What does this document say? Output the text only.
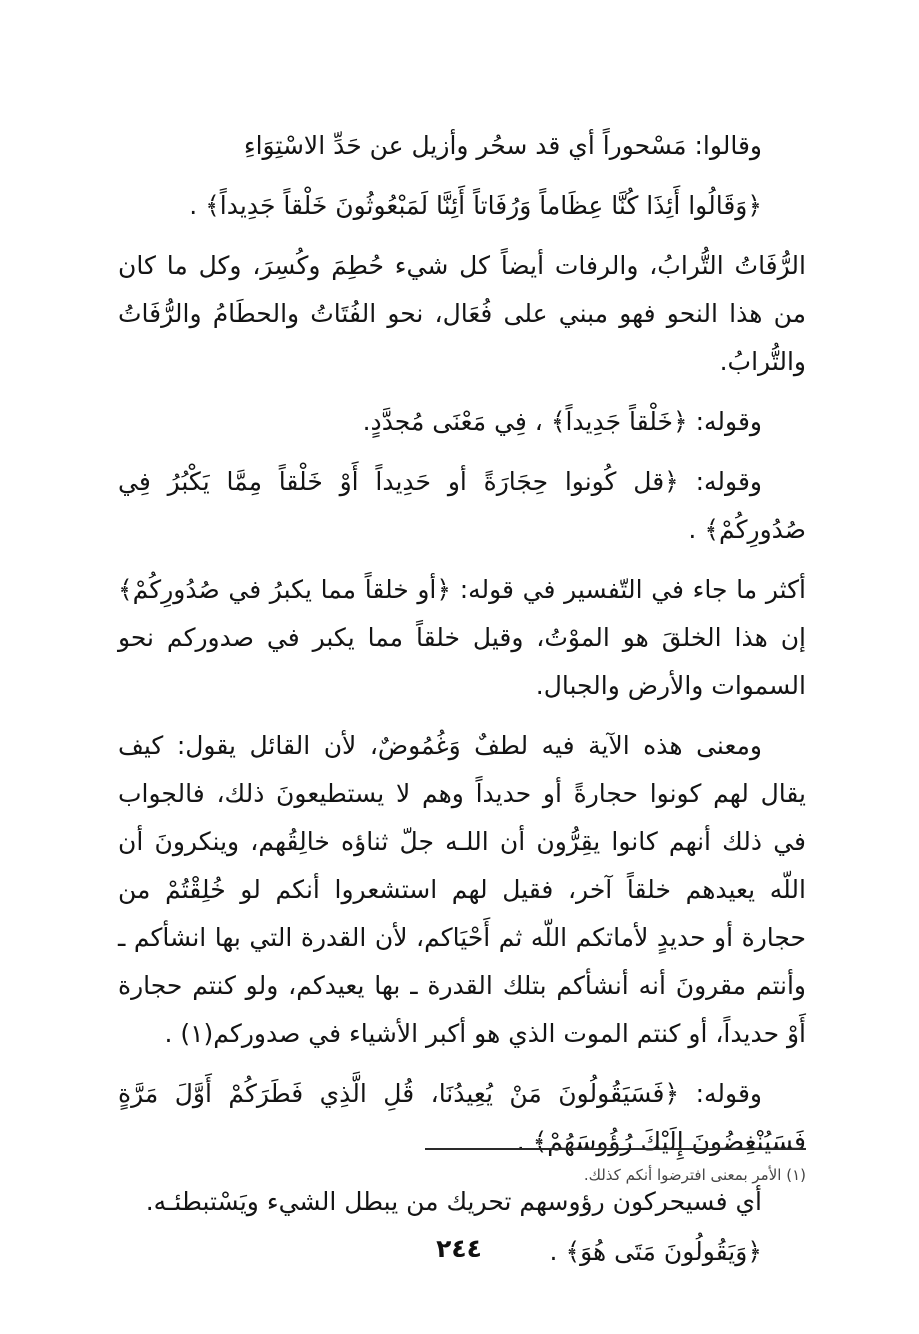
وقالوا: مَسْحوراً أي قد سحُر وأزيل عن حَدِّ الاسْتِوَاءِ

﴿وَقَالُوا أَئِذَا كُنَّا عِظَاماً وَرُفَاتاً أَئِنَّا لَمَبْعُوثُونَ خَلْقاً جَدِيداً﴾ .

الرُّفَاتُ التُّرابُ، والرفات أيضاً كل شيء حُطِمَ وكُسِرَ، وكل ما كان من هذا النحو فهو مبني على فُعَال، نحو الفُتَاتُ والحطَامُ والرُّفَاتُ والتُّرابُ.

وقوله: ﴿خَلْقاً جَدِيداً﴾ ، فِي مَعْنَى مُجدَّدٍ.

وقوله: ﴿قل كُونوا حِجَارَةً أو حَدِيداً أَوْ خَلْقاً مِمَّا يَكْبُرُ فِي صُدُورِكُمْ﴾ .

أكثر ما جاء في التّفسير في قوله: ﴿أو خلقاً مما يكبرُ في صُدُورِكُمْ﴾ إن هذا الخلقَ هو الموْتُ، وقيل خلقاً مما يكبر في صدوركم نحو السموات والأرض والجبال.

ومعنى هذه الآية فيه لطفٌ وَغُمُوضٌ، لأن القائل يقول: كيف يقال لهم كونوا حجارةً أو حديداً وهم لا يستطيعونَ ذلك، فالجواب في ذلك أنهم كانوا يقِرُّون أن اللـه جلّ ثناؤه خالِقُهم، وينكرونَ أن اللّه يعيدهم خلقاً آخر، فقيل لهم استشعروا أنكم لو خُلِقْتُمْ من حجارة أو حديدٍ لأماتكم اللّه ثم أَحْيَاكم، لأن القدرة التي بها انشأكم ـ وأنتم مقرونَ أنه أنشأكم بتلك القدرة ـ بها يعيدكم، ولو كنتم حجارة أَوْ حديداً، أو كنتم الموت الذي هو أكبر الأشياء في صدوركم(١) .

وقوله: ﴿فَسَيَقُولُونَ مَنْ يُعِيدُنَا، قُلِ الَّذِي فَطَرَكُمْ أَوَّلَ مَرَّةٍ فَسَيُنْغِضُونَ إِلَيْكَ رُؤُوسَهُمْ﴾ .

أي فسيحركون رؤوسهم تحريك من يبطل الشيء ويَسْتبطئـه.

﴿وَيَقُولُونَ مَتَى هُوَ﴾ .

(١) الأمر بمعنى افترضوا أنكم كذلك.
٢٤٤
